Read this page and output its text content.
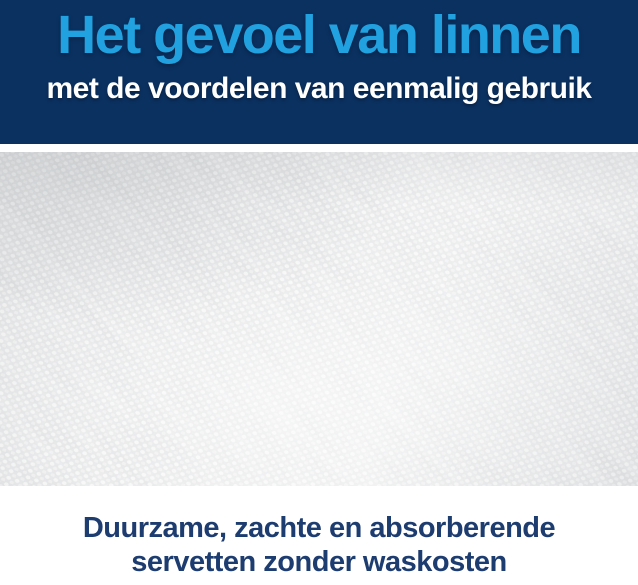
Het gevoel van linnen

met de voordelen van eenmalig gebruik

Duurzame, zachte en absorberende
servetten zonder waskosten
